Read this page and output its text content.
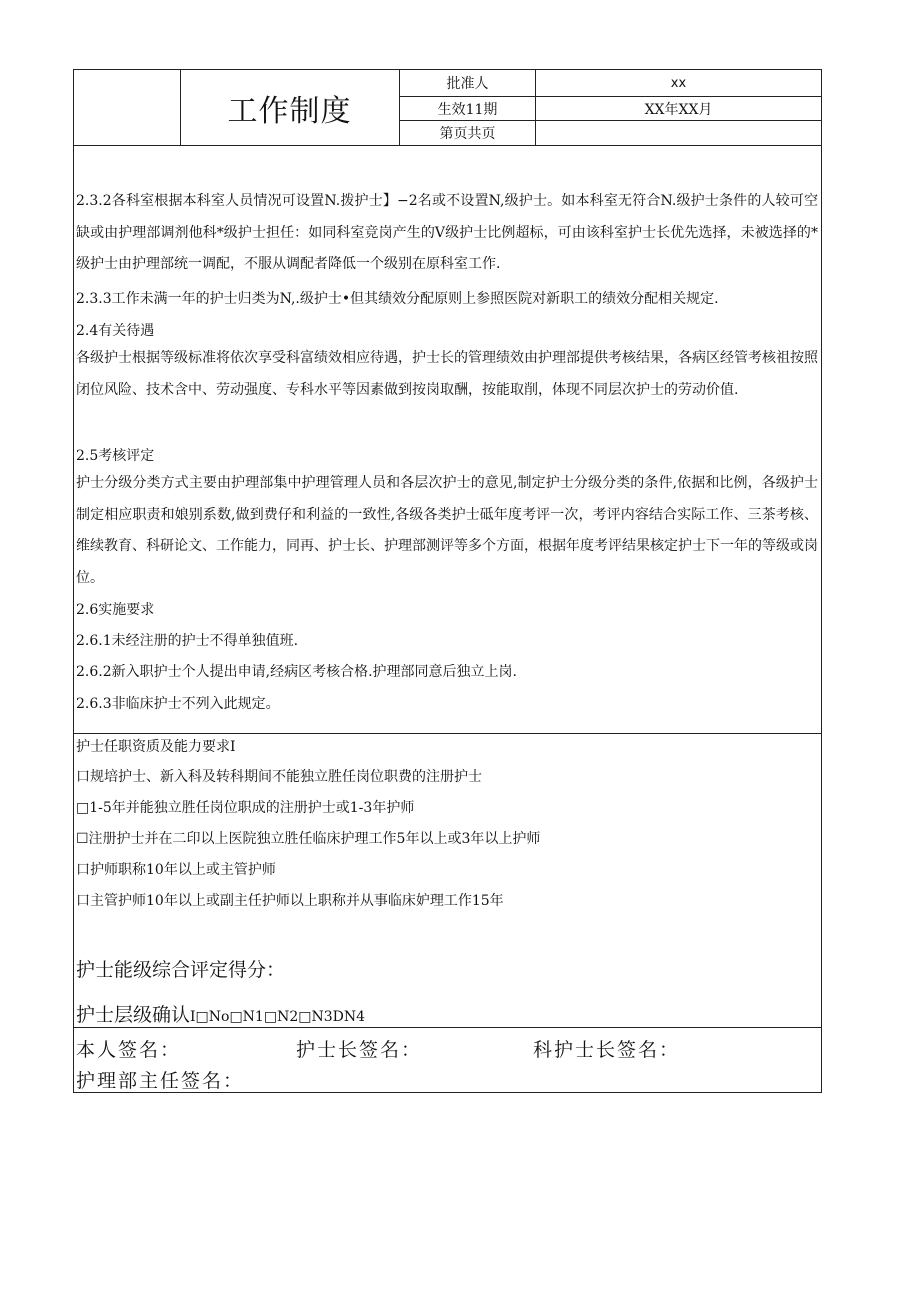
工作制度
批准人	xx
生效11期	XX年XX月
第页共页
2.3.2各科室根据本科室人员情况可设置N.拨护士】−2名或不设置N,级护士。如本科室无符合N.级护士条件的人较可空缺或由护理部调剂他科*级护士担任：如同科室竞岗产生的V级护士比例超标，可由该科室护士长优先选择，未被选择的*级护士由护理部统一调配，不服从调配者降低一个级别在原科室工作.
2.3.3工作未满一年的护士归类为N,.级护士•但其绩效分配原则上参照医院对新职工的绩效分配相关规定.
2.4有关待遇
各级护士根据等级标准将依次享受科富绩效相应待遇，护士长的管理绩效由护理部提供考核结果，各病区经管考核祖按照闭位风险、技术含中、劳动强度、专科水平等因素做到按岗取酬，按能取削，体现不同层次护士的劳动价值.
2.5考核评定
护士分级分类方式主要由护理部集中护理管理人员和各层次护士的意见,制定护士分级分类的条件,依据和比例，各级护士制定相应职责和娘别系数,做到费仔和利益的一致性,各级各类护士砥年度考评一次，考评内容结合实际工作、三茶考核、维续教育、科研论文、工作能力，同再、护士长、护理部测评等多个方面，根据年度考评结果核定护士下一年的等级或岗位。
2.6实施要求
2.6.1未经注册的护士不得单独值班.
2.6.2新入职护士个人提出申请,经病区考核合格.护理部同意后独立上岗.
2.6.3非临床护士不列入此规定。
护士任职资质及能力要求I
口规培护士、新入科及转科期间不能独立胜任岗位职费的注册护士
□1-5年并能独立胜任岗位职成的注册护士或1-3年护师
☐注册护士并在二印以上医院独立胜任临床护理工作5年以上或3年以上护师
口护师职称10年以上或主管护师
口主管护师10年以上或副主任护师以上职称并从事临床妒理工作15年
护士能级综合评定得分：
护士层级确认I□No□N1□N2□N3DN4
本人签名：	护士长签名：	科护士长签名：
护理部主任签名：
